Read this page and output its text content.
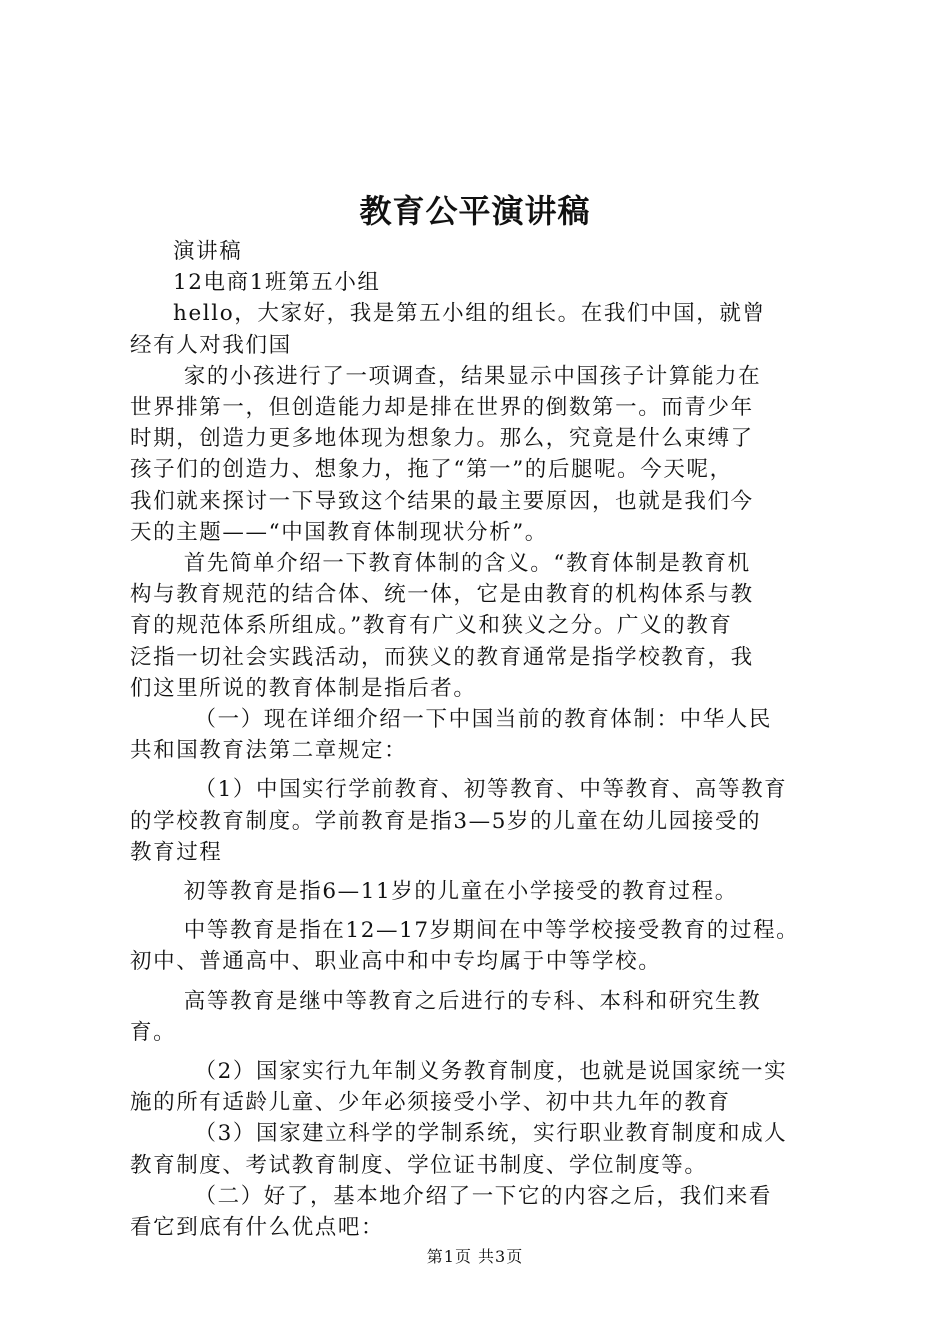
教育公平演讲稿
演讲稿
12电商1班第五小组
hello，大家好，我是第五小组的组长。在我们中国，就曾
经有人对我们国
家的小孩进行了一项调查，结果显示中国孩子计算能力在
世界排第一，但创造能力却是排在世界的倒数第一。而青少年
时期，创造力更多地体现为想象力。那么，究竟是什么束缚了
孩子们的创造力、想象力，拖了“第一”的后腿呢。今天呢，
我们就来探讨一下导致这个结果的最主要原因，也就是我们今
天的主题——“中国教育体制现状分析”。
首先简单介绍一下教育体制的含义。“教育体制是教育机
构与教育规范的结合体、统一体，它是由教育的机构体系与教
育的规范体系所组成。”教育有广义和狭义之分。广义的教育
泛指一切社会实践活动，而狭义的教育通常是指学校教育，我
们这里所说的教育体制是指后者。
（一）现在详细介绍一下中国当前的教育体制：中华人民
共和国教育法第二章规定：
（1）中国实行学前教育、初等教育、中等教育、高等教育
的学校教育制度。学前教育是指3—5岁的儿童在幼儿园接受的
教育过程
初等教育是指6—11岁的儿童在小学接受的教育过程。
中等教育是指在12—17岁期间在中等学校接受教育的过程。
初中、普通高中、职业高中和中专均属于中等学校。
高等教育是继中等教育之后进行的专科、本科和研究生教
育。
（2）国家实行九年制义务教育制度，也就是说国家统一实
施的所有适龄儿童、少年必须接受小学、初中共九年的教育
（3）国家建立科学的学制系统，实行职业教育制度和成人
教育制度、考试教育制度、学位证书制度、学位制度等。
（二）好了，基本地介绍了一下它的内容之后，我们来看
看它到底有什么优点吧：
第1页 共3页
